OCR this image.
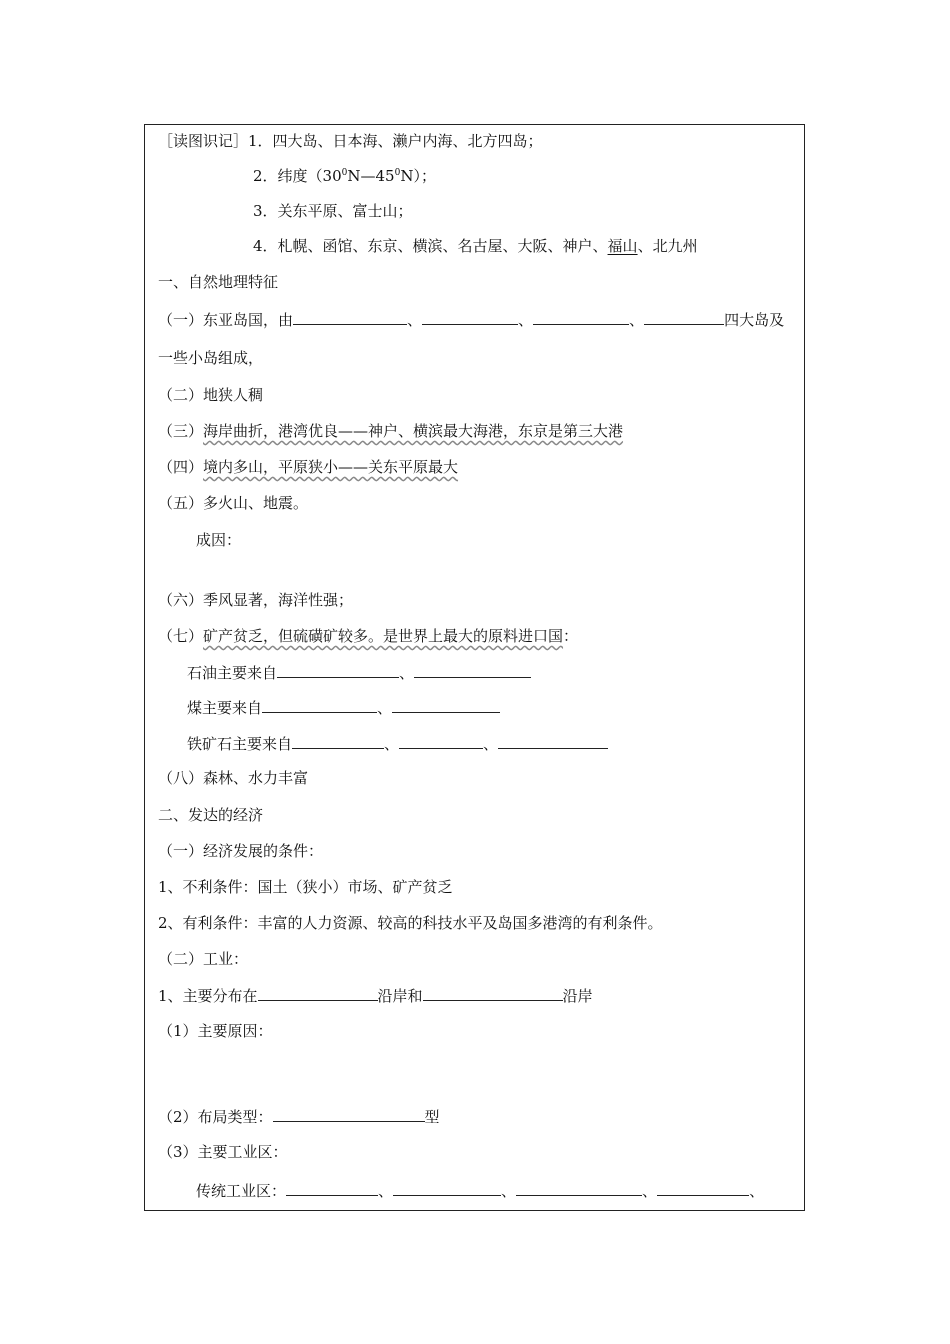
［读图识记］1．四大岛、日本海、濑户内海、北方四岛；
2．纬度$(30^0N—45^0N)$；
3．关东平原、富士山；
4．札幌、函馆、东京、横滨、名古屋、大阪、神户、福山、北九州
一、自然地理特征
（一）东亚岛国，由	、	、	、	四大岛及
一些小岛组成，
（二）地狭人稠
（三）海岸曲折，港湾优良——神户、横滨最大海港，东京是第三大港
（四）境内多山，平原狭小——关东平原最大
（五）多火山、地震。
成因：
（六）季风显著，海洋性强；
（七）矿产贫乏，但硫磺矿较多。是世界上最大的原料进口国：
石油主要来自	、
煤主要来自	、
铁矿石主要来自	、	、
（八）森林、水力丰富
二、发达的经济
（一）经济发展的条件：
1、不利条件：国土（狭小）市场、矿产贫乏
2、有利条件：丰富的人力资源、较高的科技水平及岛国多港湾的有利条件。
（二）工业：
1、主要分布在	沿岸和	沿岸
（1）主要原因：
（2）布局类型：	型
（3）主要工业区：
传统工业区：	、	、	、	、
